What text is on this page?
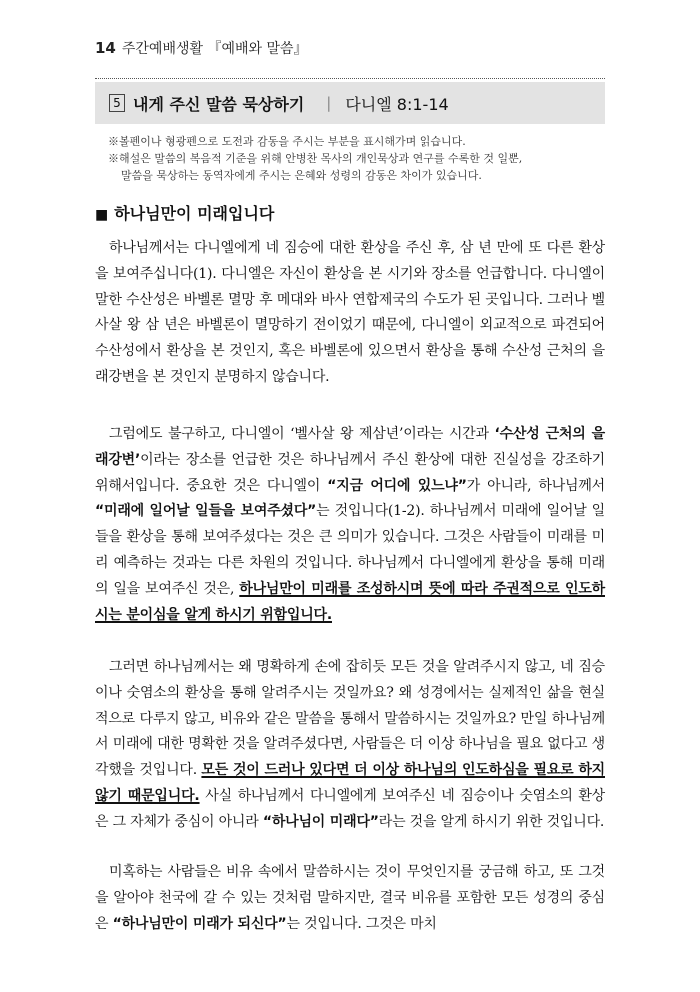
14 주간예배생활 『예배와 말씀』
5 내게 주신 말씀 묵상하기 | 다니엘 8:1-14
※볼펜이나 형광펜으로 도전과 감동을 주시는 부분을 표시해가며 읽습니다.
※해설은 말씀의 복음적 기준을 위해 안병찬 목사의 개인묵상과 연구를 수록한 것 일뿐,
말씀을 묵상하는 동역자에게 주시는 은혜와 성령의 감동은 차이가 있습니다.
■ 하나님만이 미래입니다
하나님께서는 다니엘에게 네 짐승에 대한 환상을 주신 후, 삼 년 만에 또 다른 환상을 보여주십니다(1). 다니엘은 자신이 환상을 본 시기와 장소를 언급합니다. 다니엘이 말한 수산성은 바벨론 멸망 후 메대와 바사 연합제국의 수도가 된 곳입니다. 그러나 벨사살 왕 삼 년은 바벨론이 멸망하기 전이었기 때문에, 다니엘이 외교적으로 파견되어 수산성에서 환상을 본 것인지, 혹은 바벨론에 있으면서 환상을 통해 수산성 근처의 을래강변을 본 것인지 분명하지 않습니다.
그럼에도 불구하고, 다니엘이 ‘벨사살 왕 제삼년’이라는 시간과 ‘수산성 근처의 을래강변’이라는 장소를 언급한 것은 하나님께서 주신 환상에 대한 진실성을 강조하기 위해서입니다. 중요한 것은 다니엘이 “지금 어디에 있느냐”가 아니라, 하나님께서 “미래에 일어날 일들을 보여주셨다”는 것입니다(1-2). 하나님께서 미래에 일어날 일들을 환상을 통해 보여주셨다는 것은 큰 의미가 있습니다. 그것은 사람들이 미래를 미리 예측하는 것과는 다른 차원의 것입니다. 하나님께서 다니엘에게 환상을 통해 미래의 일을 보여주신 것은, 하나님만이 미래를 조성하시며 뜻에 따라 주권적으로 인도하시는 분이심을 알게 하시기 위함입니다.
그러면 하나님께서는 왜 명확하게 손에 잡히듯 모든 것을 알려주시지 않고, 네 짐승이나 숫염소의 환상을 통해 알려주시는 것일까요? 왜 성경에서는 실제적인 삶을 현실적으로 다루지 않고, 비유와 같은 말씀을 통해서 말씀하시는 것일까요? 만일 하나님께서 미래에 대한 명확한 것을 알려주셨다면, 사람들은 더 이상 하나님을 필요 없다고 생각했을 것입니다. 모든 것이 드러나 있다면 더 이상 하나님의 인도하심을 필요로 하지 않기 때문입니다. 사실 하나님께서 다니엘에게 보여주신 네 짐승이나 숫염소의 환상은 그 자체가 중심이 아니라 “하나님이 미래다”라는 것을 알게 하시기 위한 것입니다.
미혹하는 사람들은 비유 속에서 말씀하시는 것이 무엇인지를 궁금해 하고, 또 그것을 알아야 천국에 갈 수 있는 것처럼 말하지만, 결국 비유를 포함한 모든 성경의 중심은 “하나님만이 미래가 되신다”는 것입니다. 그것은 마치
